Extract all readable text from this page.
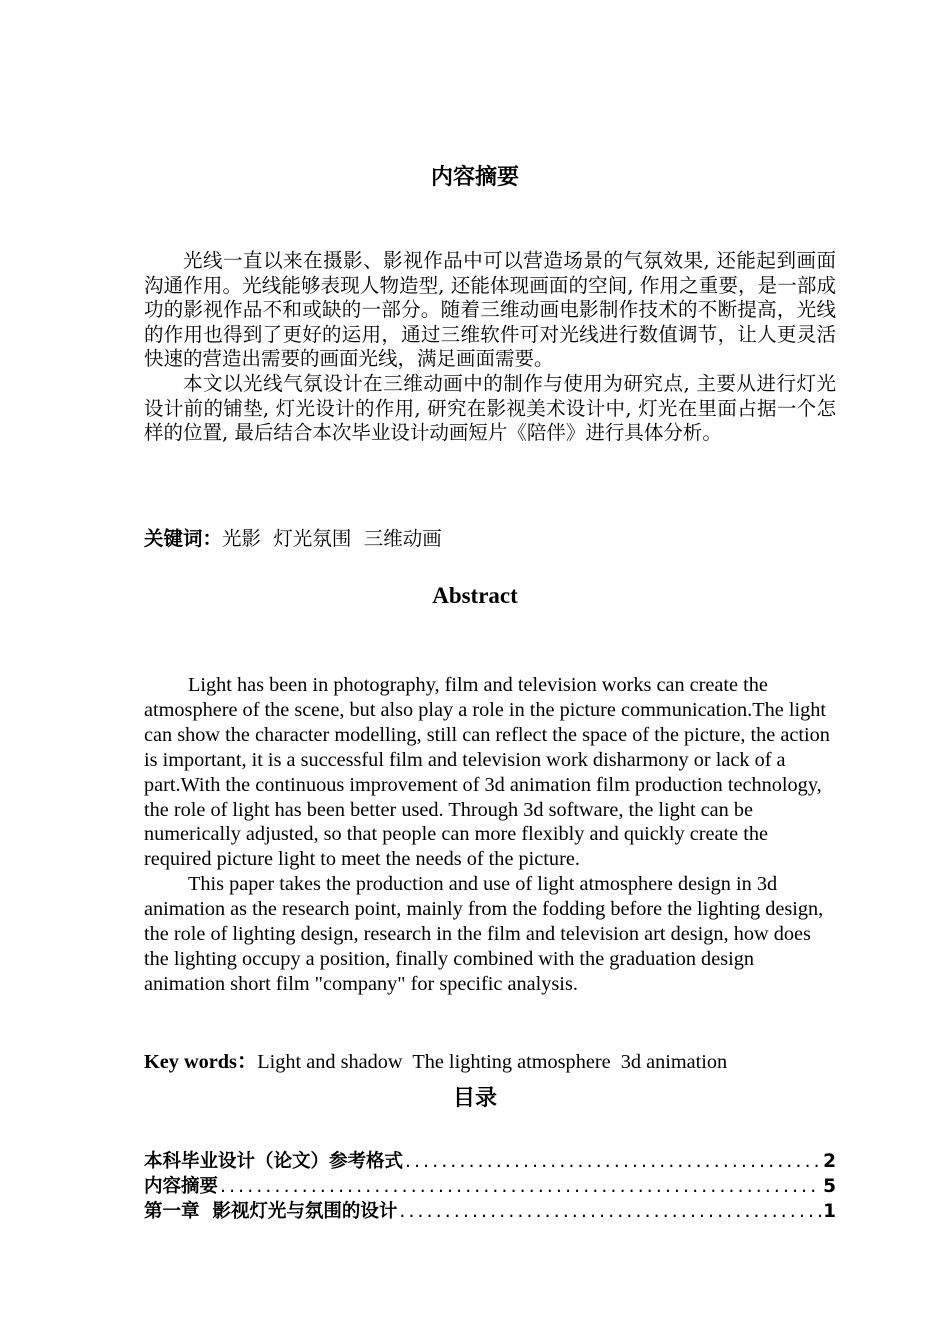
内容摘要

光线一直以来在摄影、影视作品中可以营造场景的气氛效果, 还能起到画面沟通作用。光线能够表现人物造型, 还能体现画面的空间, 作用之重要，是一部成功的影视作品不和或缺的一部分。随着三维动画电影制作技术的不断提高，光线的作用也得到了更好的运用，通过三维软件可对光线进行数值调节，让人更灵活快速的营造出需要的画面光线，满足画面需要。

本文以光线气氛设计在三维动画中的制作与使用为研究点, 主要从进行灯光设计前的铺垫, 灯光设计的作用, 研究在影视美术设计中, 灯光在里面占据一个怎样的位置, 最后结合本次毕业设计动画短片《陪伴》进行具体分析。

关键词：光影  灯光氛围  三维动画
Abstract

Light has been in photography, film and television works can create the atmosphere of the scene, but also play a role in the picture communication.The light can show the character modelling, still can reflect the space of the picture, the action is important, it is a successful film and television work disharmony or lack of a part.With the continuous improvement of 3d animation film production technology, the role of light has been better used. Through 3d software, the light can be numerically adjusted, so that people can more flexibly and quickly create the required picture light to meet the needs of the picture.

This paper takes the production and use of light atmosphere design in 3d animation as the research point, mainly from the fodding before the lighting design, the role of lighting design, research in the film and television art design, how does the lighting occupy a position, finally combined with the graduation design animation short film "company" for specific analysis.

Key words：Light and shadow  The lighting atmosphere  3d animation
目录
本科毕业设计（论文）参考格式 .....	2
内容摘要 .....	5
第一章  影视灯光与氛围的设计 .....	1
